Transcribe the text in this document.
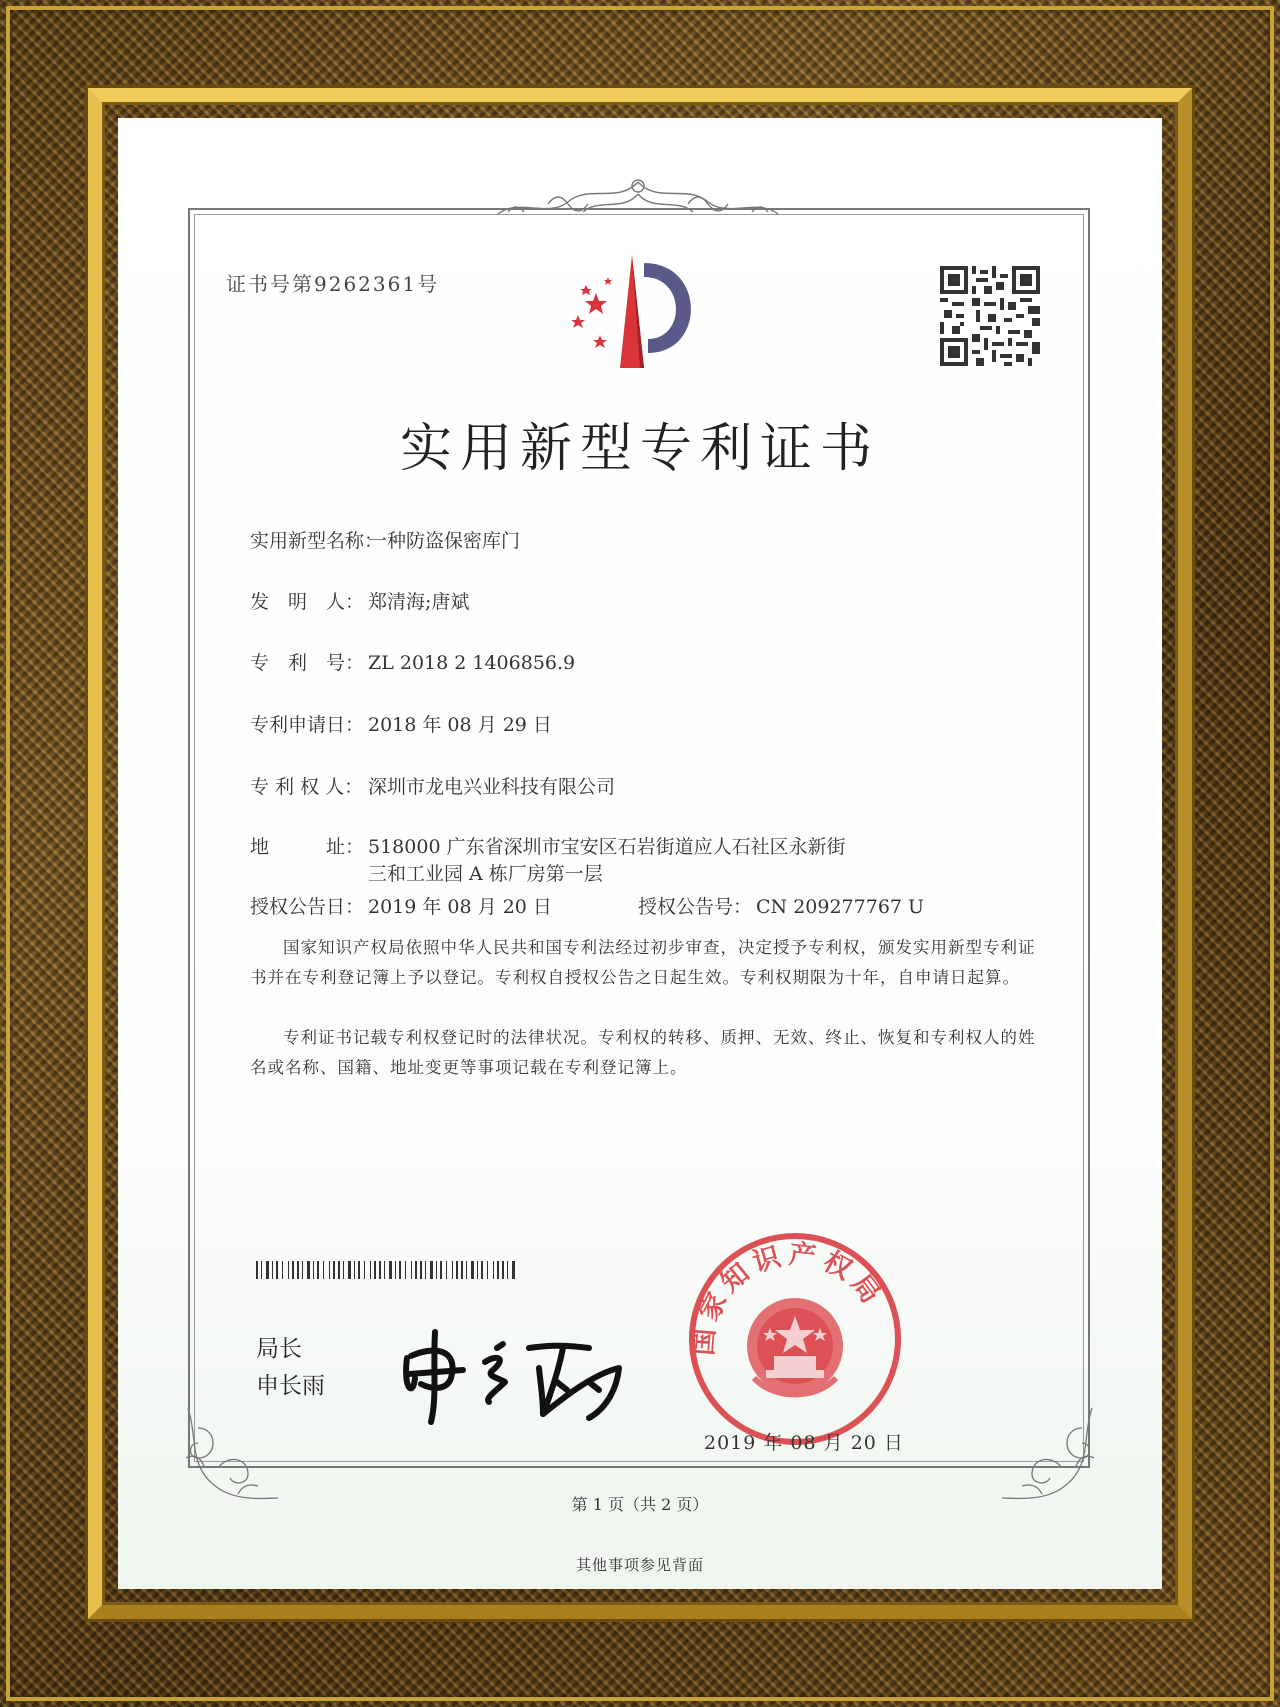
证书号第9262361号
实用新型专利证书
实用新型名称：一种防盗保密库门
发　明　人： 郑清海;唐斌
专　利　号： ZL 2018 2 1406856.9
专利申请日： 2018 年 08 月 29 日
专 利 权 人： 深圳市龙电兴业科技有限公司
地　　　址： 518000 广东省深圳市宝安区石岩街道应人石社区永新街
三和工业园 A 栋厂房第一层
授权公告日： 2019 年 08 月 20 日	授权公告号： CN 209277767 U
国家知识产权局依照中华人民共和国专利法经过初步审查，决定授予专利权，颁发实用新型专利证书并在专利登记簿上予以登记。专利权自授权公告之日起生效。专利权期限为十年，自申请日起算。
专利证书记载专利权登记时的法律状况。专利权的转移、质押、无效、终止、恢复和专利权人的姓名或名称、国籍、地址变更等事项记载在专利登记簿上。
局长
申长雨
国家知识产权局
2019 年 08 月 20 日
第 1 页（共 2 页）
其他事项参见背面
